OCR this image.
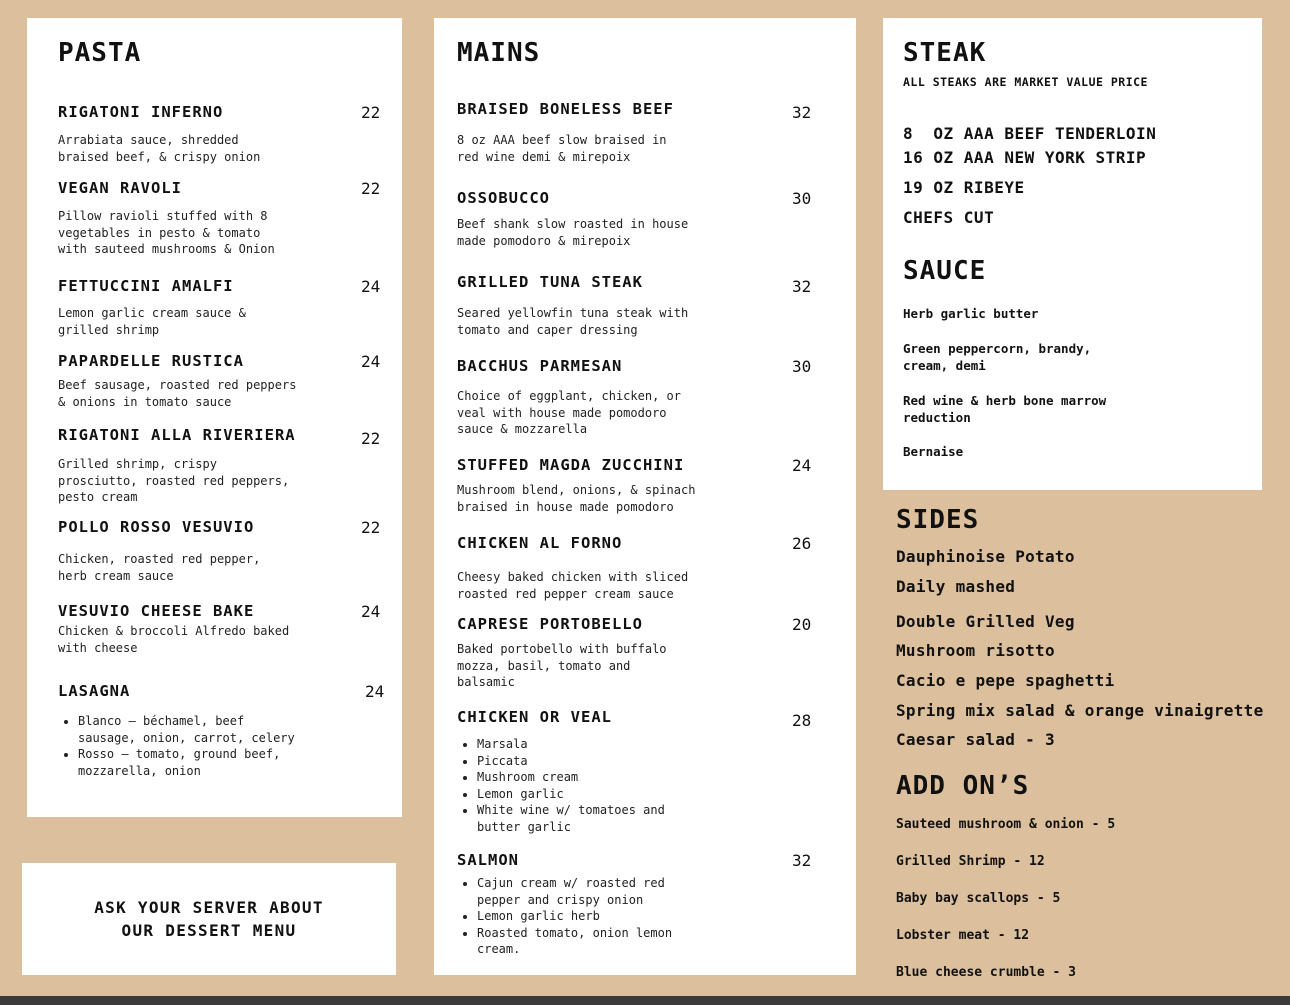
PASTA
RIGATONI INFERNO	22
Arrabiata sauce, shredded
braised beef, & crispy onion
VEGAN RAVOLI	22
Pillow ravioli stuffed with 8
vegetables in pesto & tomato
with sauteed mushrooms & Onion
FETTUCCINI AMALFI	24
Lemon garlic cream sauce &
grilled shrimp
PAPARDELLE RUSTICA	24
Beef sausage, roasted red peppers
& onions in tomato sauce
RIGATONI ALLA RIVERIERA	22
Grilled shrimp, crispy
prosciutto, roasted red peppers,
pesto cream
POLLO ROSSO VESUVIO	22
Chicken, roasted red pepper,
herb cream sauce
VESUVIO CHEESE BAKE	24
Chicken & broccoli Alfredo baked
with cheese
LASAGNA	24
• Blanco – béchamel, beef sausage, onion, carrot, celery
• Rosso – tomato, ground beef, mozzarella, onion
ASK YOUR SERVER ABOUT
OUR DESSERT MENU
MAINS
BRAISED BONELESS BEEF	32
8 oz AAA beef slow braised in
red wine demi & mirepoix
OSSOBUCCO	30
Beef shank slow roasted in house
made pomodoro & mirepoix
GRILLED TUNA STEAK	32
Seared yellowfin tuna steak with
tomato and caper dressing
BACCHUS PARMESAN	30
Choice of eggplant, chicken, or
veal with house made pomodoro
sauce & mozzarella
STUFFED MAGDA ZUCCHINI	24
Mushroom blend, onions, & spinach
braised in house made pomodoro
CHICKEN AL FORNO	26
Cheesy baked chicken with sliced
roasted red pepper cream sauce
CAPRESE PORTOBELLO	20
Baked portobello with buffalo
mozza, basil, tomato and
balsamic
CHICKEN OR VEAL	28
• Marsala
• Piccata
• Mushroom cream
• Lemon garlic
• White wine w/ tomatoes and butter garlic
SALMON	32
• Cajun cream w/ roasted red pepper and crispy onion
• Lemon garlic herb
• Roasted tomato, onion lemon cream.
STEAK
ALL STEAKS ARE MARKET VALUE PRICE
8  OZ AAA BEEF TENDERLOIN
16 OZ AAA NEW YORK STRIP
19 OZ RIBEYE
CHEFS CUT
SAUCE
Herb garlic butter
Green peppercorn, brandy,
cream, demi
Red wine & herb bone marrow
reduction
Bernaise
SIDES
Dauphinoise Potato
Daily mashed
Double Grilled Veg
Mushroom risotto
Cacio e pepe spaghetti
Spring mix salad & orange vinaigrette
Caesar salad - 3
ADD ON’S
Sauteed mushroom & onion - 5
Grilled Shrimp - 12
Baby bay scallops - 5
Lobster meat - 12
Blue cheese crumble - 3
